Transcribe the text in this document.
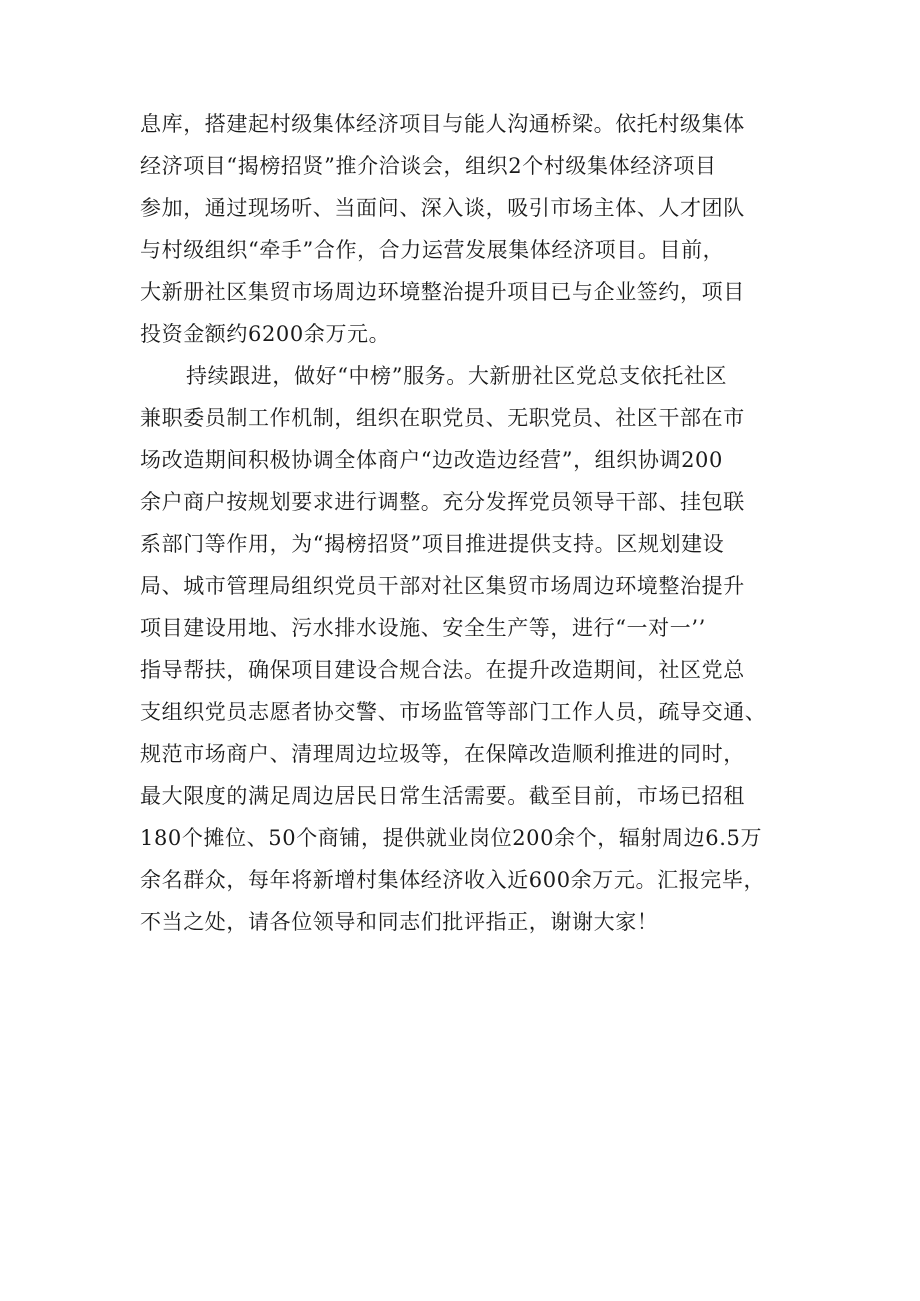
息库，搭建起村级集体经济项目与能人沟通桥梁。依托村级集体
经济项目“揭榜招贤”推介洽谈会，组织2个村级集体经济项目
参加，通过现场听、当面问、深入谈，吸引市场主体、人才团队
与村级组织“牵手”合作，合力运营发展集体经济项目。目前，
大新册社区集贸市场周边环境整治提升项目已与企业签约，项目
投资金额约6200余万元。
持续跟进，做好“中榜”服务。大新册社区党总支依托社区
兼职委员制工作机制，组织在职党员、无职党员、社区干部在市
场改造期间积极协调全体商户“边改造边经营”，组织协调200
余户商户按规划要求进行调整。充分发挥党员领导干部、挂包联
系部门等作用，为“揭榜招贤”项目推进提供支持。区规划建设
局、城市管理局组织党员干部对社区集贸市场周边环境整治提升
项目建设用地、污水排水设施、安全生产等，进行“一对一’’
指导帮扶，确保项目建设合规合法。在提升改造期间，社区党总
支组织党员志愿者协交警、市场监管等部门工作人员，疏导交通、
规范市场商户、清理周边垃圾等，在保障改造顺利推进的同时，
最大限度的满足周边居民日常生活需要。截至目前，市场已招租
180个摊位、50个商铺，提供就业岗位200余个，辐射周边6.5万
余名群众，每年将新增村集体经济收入近600余万元。汇报完毕，
不当之处，请各位领导和同志们批评指正，谢谢大家！
